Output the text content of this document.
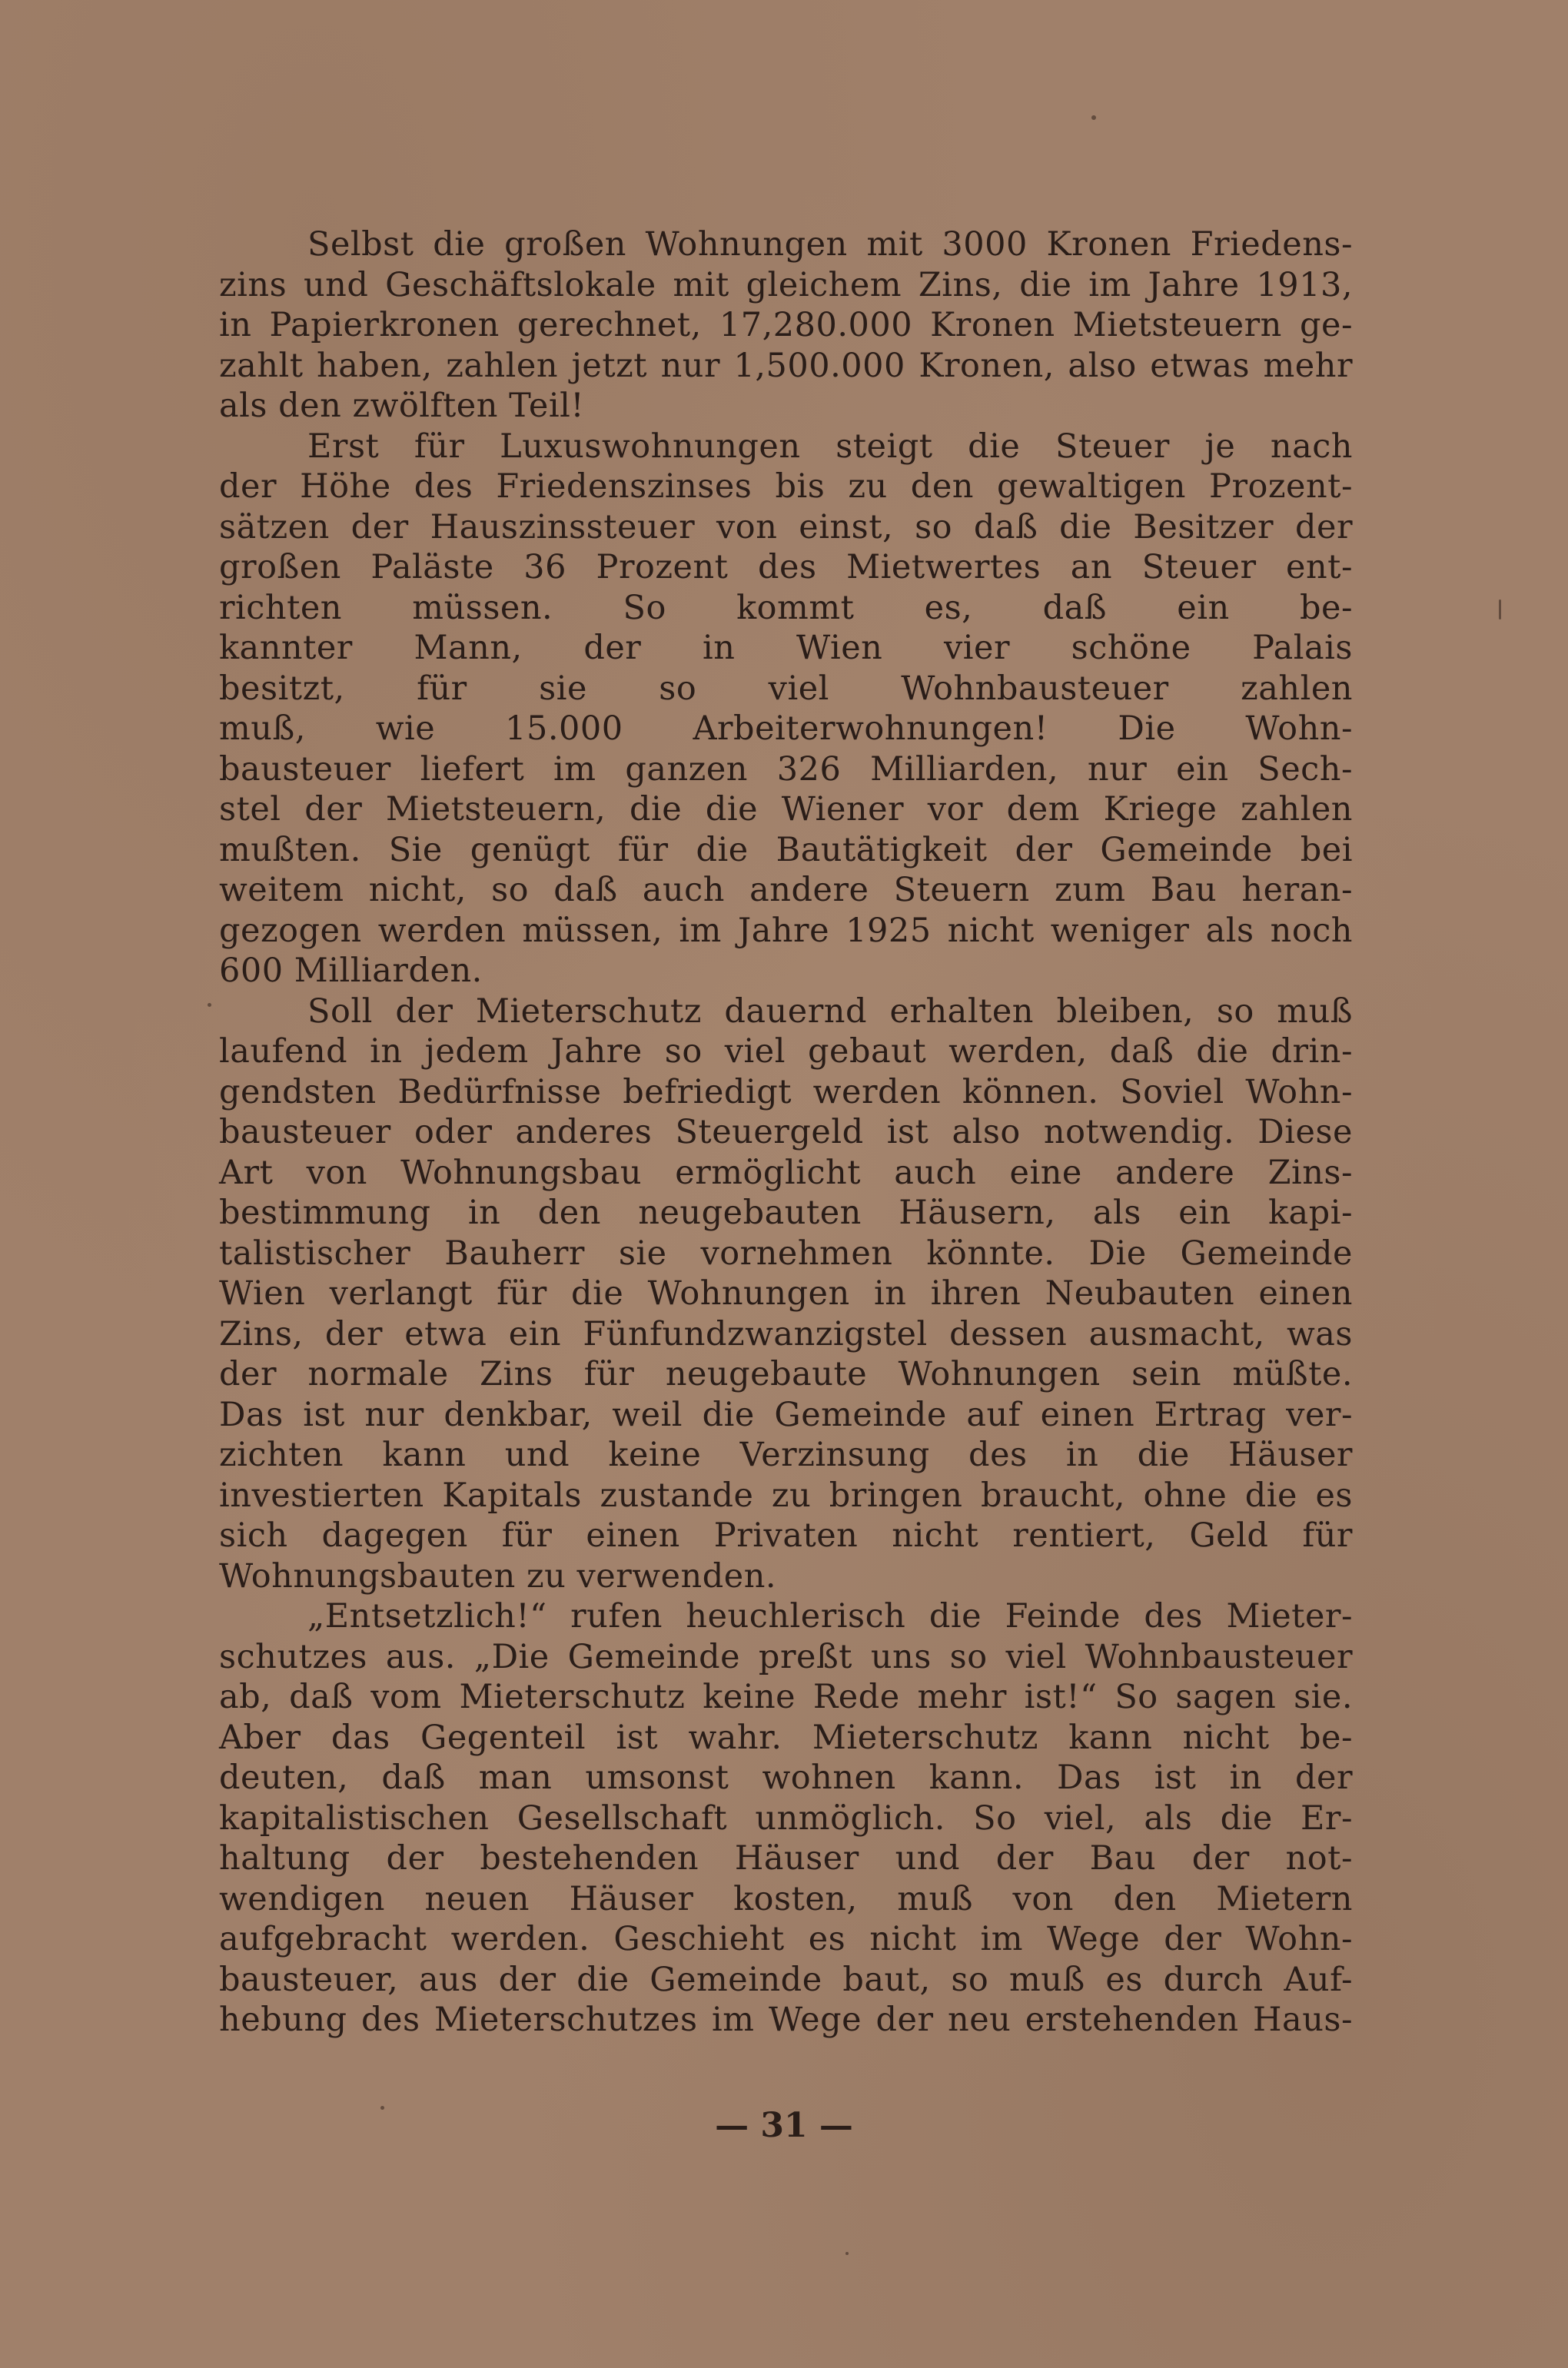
Selbst die großen Wohnungen mit 3000 Kronen Friedens-
zins und Geschäftslokale mit gleichem Zins, die im Jahre 1913,
in Papierkronen gerechnet, 17,280.000 Kronen Mietsteuern ge-
zahlt haben, zahlen jetzt nur 1,500.000 Kronen, also etwas mehr
als den zwölften Teil!

Erst für Luxuswohnungen steigt die Steuer je nach
der Höhe des Friedenszinses bis zu den gewaltigen Prozent-
sätzen der Hauszinssteuer von einst, so daß die Besitzer der
großen Paläste 36 Prozent des Mietwertes an Steuer ent-
richten müssen. So kommt es, daß ein be-
kannter Mann, der in Wien vier schöne Palais
besitzt, für sie so viel Wohnbausteuer zahlen
muß, wie 15.000 Arbeiterwohnungen! Die Wohn-
bausteuer liefert im ganzen 326 Milliarden, nur ein Sech-
stel der Mietsteuern, die die Wiener vor dem Kriege zahlen
mußten. Sie genügt für die Bautätigkeit der Gemeinde bei
weitem nicht, so daß auch andere Steuern zum Bau heran-
gezogen werden müssen, im Jahre 1925 nicht weniger als noch
600 Milliarden.

Soll der Mieterschutz dauernd erhalten bleiben, so muß
laufend in jedem Jahre so viel gebaut werden, daß die drin-
gendsten Bedürfnisse befriedigt werden können. Soviel Wohn-
bausteuer oder anderes Steuergeld ist also notwendig. Diese
Art von Wohnungsbau ermöglicht auch eine andere Zins-
bestimmung in den neugebauten Häusern, als ein kapi-
talistischer Bauherr sie vornehmen könnte. Die Gemeinde
Wien verlangt für die Wohnungen in ihren Neubauten einen
Zins, der etwa ein Fünfundzwanzigstel dessen ausmacht, was
der normale Zins für neugebaute Wohnungen sein müßte.
Das ist nur denkbar, weil die Gemeinde auf einen Ertrag ver-
zichten kann und keine Verzinsung des in die Häuser
investierten Kapitals zustande zu bringen braucht, ohne die es
sich dagegen für einen Privaten nicht rentiert, Geld für
Wohnungsbauten zu verwenden.

„Entsetzlich!“ rufen heuchlerisch die Feinde des Mieter-
schutzes aus. „Die Gemeinde preßt uns so viel Wohnbausteuer
ab, daß vom Mieterschutz keine Rede mehr ist!“ So sagen sie.
Aber das Gegenteil ist wahr. Mieterschutz kann nicht be-
deuten, daß man umsonst wohnen kann. Das ist in der
kapitalistischen Gesellschaft unmöglich. So viel, als die Er-
haltung der bestehenden Häuser und der Bau der not-
wendigen neuen Häuser kosten, muß von den Mietern
aufgebracht werden. Geschieht es nicht im Wege der Wohn-
bausteuer, aus der die Gemeinde baut, so muß es durch Auf-
hebung des Mieterschutzes im Wege der neu erstehenden Haus-

— 31 —
